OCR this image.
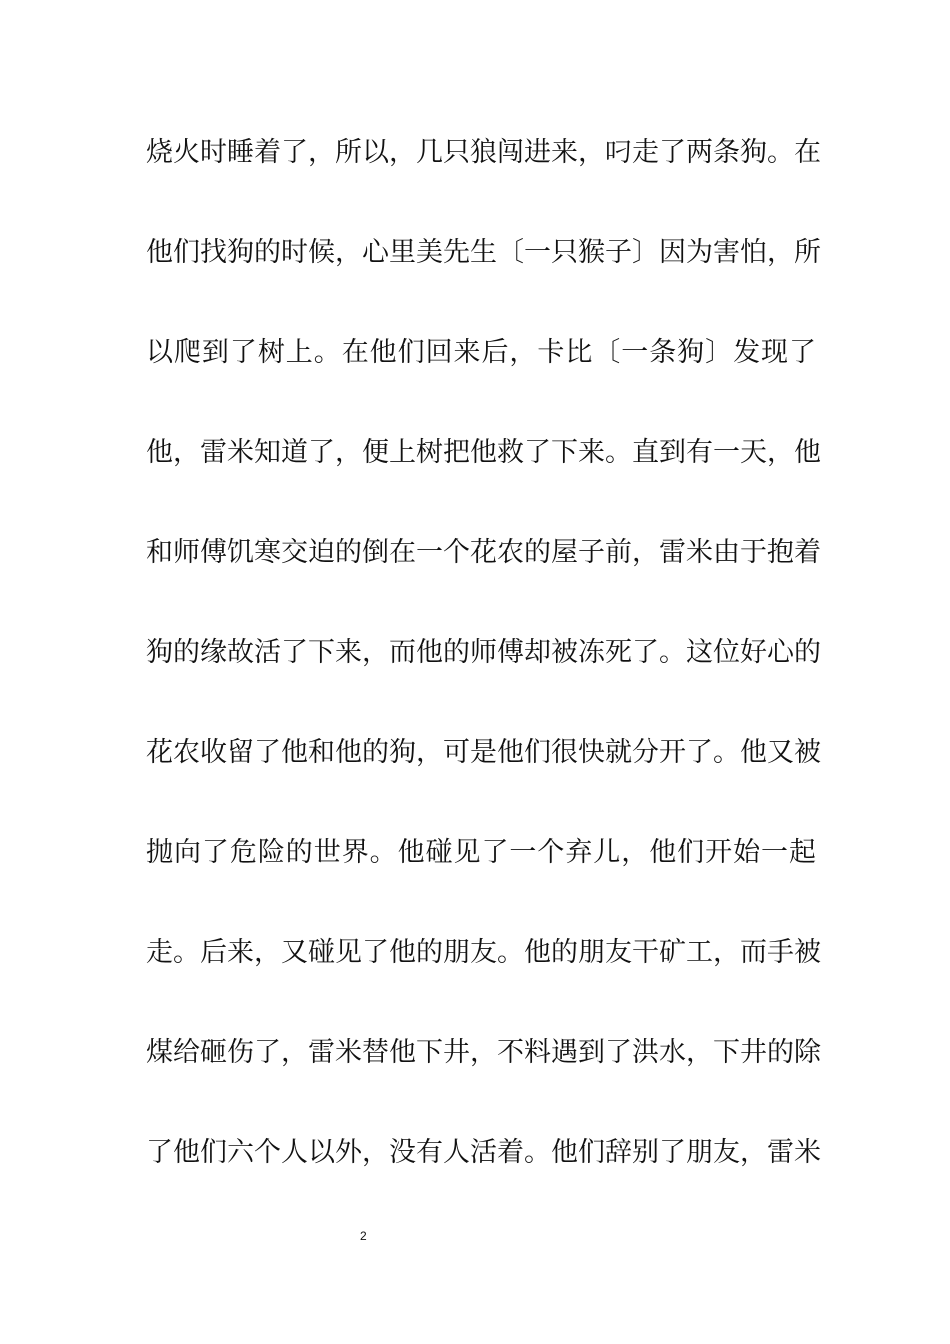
烧火时睡着了，所以，几只狼闯进来，叼走了两条狗。在
他们找狗的时候，心里美先生〔一只猴子〕因为害怕，所
以爬到了树上。在他们回来后，卡比〔一条狗〕发现了
他，雷米知道了，便上树把他救了下来。直到有一天，他
和师傅饥寒交迫的倒在一个花农的屋子前，雷米由于抱着
狗的缘故活了下来，而他的师傅却被冻死了。这位好心的
花农收留了他和他的狗，可是他们很快就分开了。他又被
抛向了危险的世界。他碰见了一个弃儿，他们开始一起
走。后来，又碰见了他的朋友。他的朋友干矿工，而手被
煤给砸伤了，雷米替他下井，不料遇到了洪水，下井的除
了他们六个人以外，没有人活着。他们辞别了朋友，雷米
2
